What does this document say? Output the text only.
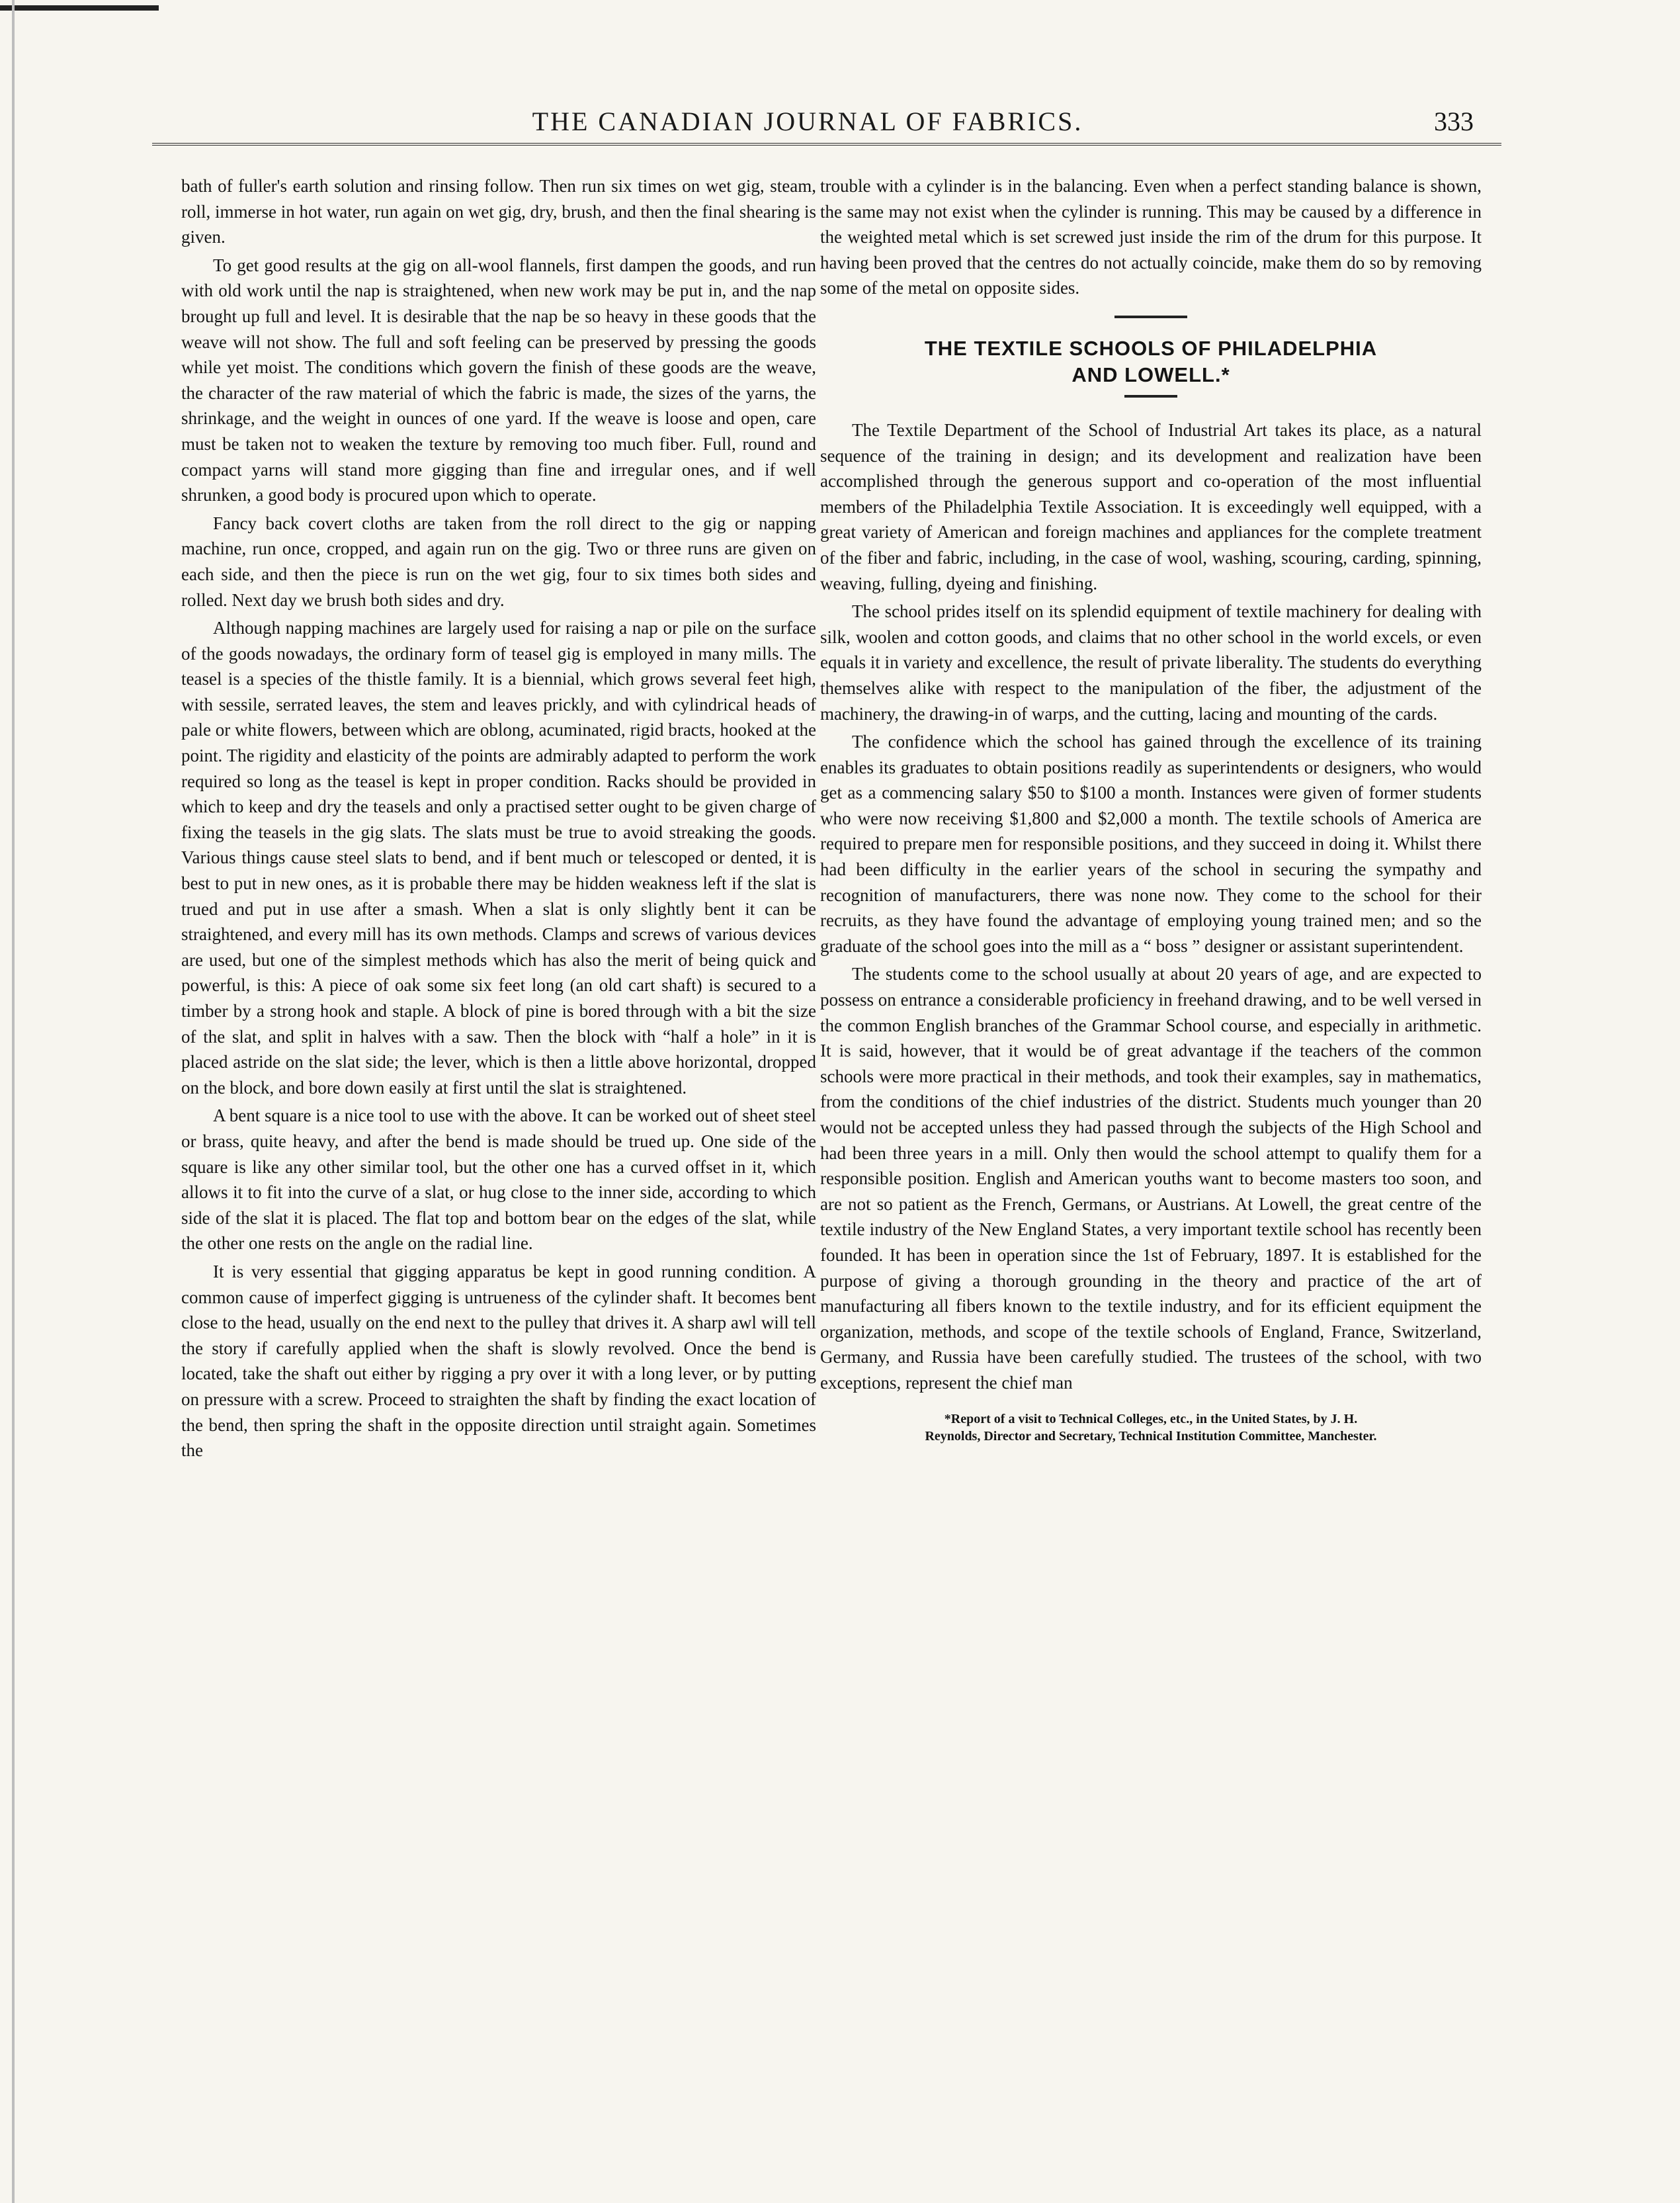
THE CANADIAN JOURNAL OF FABRICS.	333

bath of fuller's earth solution and rinsing follow. Then run six times on wet gig, steam, roll, immerse in hot water, run again on wet gig, dry, brush, and then the final shearing is given.

To get good results at the gig on all-wool flannels, first dampen the goods, and run with old work until the nap is straightened, when new work may be put in, and the nap brought up full and level. It is desirable that the nap be so heavy in these goods that the weave will not show. The full and soft feeling can be preserved by pressing the goods while yet moist. The conditions which govern the finish of these goods are the weave, the character of the raw material of which the fabric is made, the sizes of the yarns, the shrinkage, and the weight in ounces of one yard. If the weave is loose and open, care must be taken not to weaken the texture by removing too much fiber. Full, round and compact yarns will stand more gigging than fine and irregular ones, and if well shrunken, a good body is procured upon which to operate.

Fancy back covert cloths are taken from the roll direct to the gig or napping machine, run once, cropped, and again run on the gig. Two or three runs are given on each side, and then the piece is run on the wet gig, four to six times both sides and rolled. Next day we brush both sides and dry.

Although napping machines are largely used for raising a nap or pile on the surface of the goods nowadays, the ordinary form of teasel gig is employed in many mills. The teasel is a species of the thistle family. It is a biennial, which grows several feet high, with sessile, serrated leaves, the stem and leaves prickly, and with cylindrical heads of pale or white flowers, between which are oblong, acuminated, rigid bracts, hooked at the point. The rigidity and elasticity of the points are admirably adapted to perform the work required so long as the teasel is kept in proper condition. Racks should be provided in which to keep and dry the teasels and only a practised setter ought to be given charge of fixing the teasels in the gig slats. The slats must be true to avoid streaking the goods. Various things cause steel slats to bend, and if bent much or telescoped or dented, it is best to put in new ones, as it is probable there may be hidden weakness left if the slat is trued and put in use after a smash. When a slat is only slightly bent it can be straightened, and every mill has its own methods. Clamps and screws of various devices are used, but one of the simplest methods which has also the merit of being quick and powerful, is this: A piece of oak some six feet long (an old cart shaft) is secured to a timber by a strong hook and staple. A block of pine is bored through with a bit the size of the slat, and split in halves with a saw. Then the block with “half a hole” in it is placed astride on the slat side; the lever, which is then a little above horizontal, dropped on the block, and bore down easily at first until the slat is straightened.

A bent square is a nice tool to use with the above. It can be worked out of sheet steel or brass, quite heavy, and after the bend is made should be trued up. One side of the square is like any other similar tool, but the other one has a curved offset in it, which allows it to fit into the curve of a slat, or hug close to the inner side, according to which side of the slat it is placed. The flat top and bottom bear on the edges of the slat, while the other one rests on the angle on the radial line.

It is very essential that gigging apparatus be kept in good running condition. A common cause of imperfect gigging is untrueness of the cylinder shaft. It becomes bent close to the head, usually on the end next to the pulley that drives it. A sharp awl will tell the story if carefully applied when the shaft is slowly revolved. Once the bend is located, take the shaft out either by rigging a pry over it with a long lever, or by putting on pressure with a screw. Proceed to straighten the shaft by finding the exact location of the bend, then spring the shaft in the opposite direction until straight again. Sometimes the

trouble with a cylinder is in the balancing. Even when a perfect standing balance is shown, the same may not exist when the cylinder is running. This may be caused by a difference in the weighted metal which is set screwed just inside the rim of the drum for this purpose. It having been proved that the centres do not actually coincide, make them do so by removing some of the metal on opposite sides.

THE TEXTILE SCHOOLS OF PHILADELPHIA
AND LOWELL.*

The Textile Department of the School of Industrial Art takes its place, as a natural sequence of the training in design; and its development and realization have been accomplished through the generous support and co-operation of the most influential members of the Philadelphia Textile Association. It is exceedingly well equipped, with a great variety of American and foreign machines and appliances for the complete treatment of the fiber and fabric, including, in the case of wool, washing, scouring, carding, spinning, weaving, fulling, dyeing and finishing.

The school prides itself on its splendid equipment of textile machinery for dealing with silk, woolen and cotton goods, and claims that no other school in the world excels, or even equals it in variety and excellence, the result of private liberality. The students do everything themselves alike with respect to the manipulation of the fiber, the adjustment of the machinery, the drawing-in of warps, and the cutting, lacing and mounting of the cards.

The confidence which the school has gained through the excellence of its training enables its graduates to obtain positions readily as superintendents or designers, who would get as a commencing salary $50 to $100 a month. Instances were given of former students who were now receiving $1,800 and $2,000 a month. The textile schools of America are required to prepare men for responsible positions, and they succeed in doing it. Whilst there had been difficulty in the earlier years of the school in securing the sympathy and recognition of manufacturers, there was none now. They come to the school for their recruits, as they have found the advantage of employing young trained men; and so the graduate of the school goes into the mill as a “ boss ” designer or assistant superintendent.

The students come to the school usually at about 20 years of age, and are expected to possess on entrance a considerable proficiency in freehand drawing, and to be well versed in the common English branches of the Grammar School course, and especially in arithmetic. It is said, however, that it would be of great advantage if the teachers of the common schools were more practical in their methods, and took their examples, say in mathematics, from the conditions of the chief industries of the district. Students much younger than 20 would not be accepted unless they had passed through the subjects of the High School and had been three years in a mill. Only then would the school attempt to qualify them for a responsible position. English and American youths want to become masters too soon, and are not so patient as the French, Germans, or Austrians. At Lowell, the great centre of the textile industry of the New England States, a very important textile school has recently been founded. It has been in operation since the 1st of February, 1897. It is established for the purpose of giving a thorough grounding in the theory and practice of the art of manufacturing all fibers known to the textile industry, and for its efficient equipment the organization, methods, and scope of the textile schools of England, France, Switzerland, Germany, and Russia have been carefully studied. The trustees of the school, with two exceptions, represent the chief man

*Report of a visit to Technical Colleges, etc., in the United States, by J. H.
Reynolds, Director and Secretary, Technical Institution Committee, Manchester.
